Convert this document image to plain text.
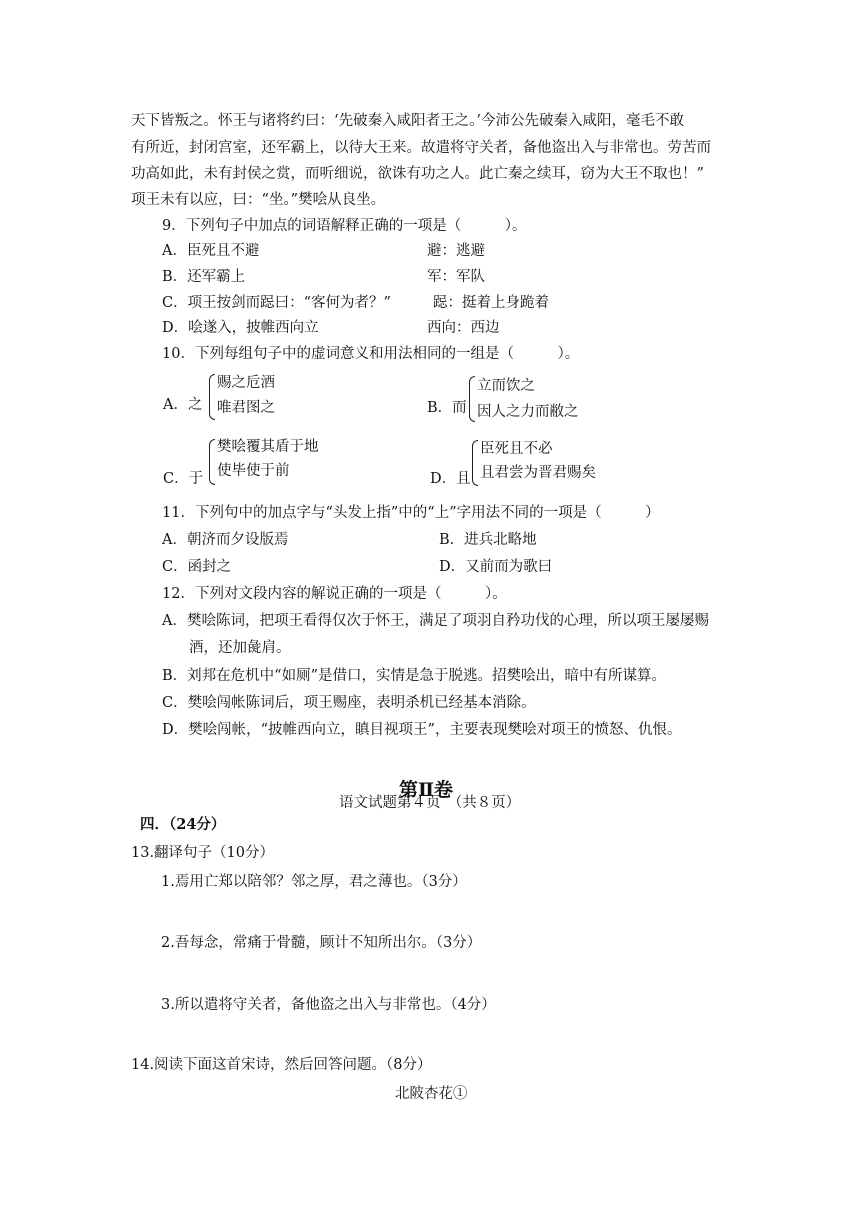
天下皆叛之。怀王与诸将约曰：‘先破秦入咸阳者王之。’今沛公先破秦入咸阳，毫毛不敢
有所近，封闭宫室，还军霸上，以待大王来。故遣将守关者，备他盗出入与非常也。劳苦而
功高如此，未有封侯之赏，而听细说，欲诛有功之人。此亡秦之续耳，窃为大王不取也！”
项王未有以应，曰：“坐。”樊哙从良坐。
9．下列句子中加点的词语解释正确的一项是（　　　）。
A．臣死且不避	避：逃避
B．还军霸上	军：军队
C．项王按剑而跽曰：“客何为者？”	跽：挺着上身跪着
D．哙遂入，披帷西向立	西向：西边
10．下列每组句子中的虚词意义和用法相同的一组是（　　　）。
A．之
赐之卮酒
唯君图之	B．而
立而饮之
因人之力而敝之
C．于
樊哙覆其盾于地
使毕使于前	D．且
臣死且不必
且君尝为晋君赐矣
11．下列句中的加点字与“头发上指”中的“上”字用法不同的一项是（　　　）
A．朝济而夕设版焉	B．进兵北略地
C．函封之	D．又前而为歌曰
12．下列对文段内容的解说正确的一项是（　　　）。
A．樊哙陈词，把项王看得仅次于怀王，满足了项羽自矜功伐的心理，所以项王屡屡赐
酒，还加彘肩。
B．刘邦在危机中“如厕”是借口，实情是急于脱逃。招樊哙出，暗中有所谋算。
C．樊哙闯帐陈词后，项王赐座，表明杀机已经基本消除。
D．樊哙闯帐，“披帷西向立，瞋目视项王”，主要表现樊哙对项王的愤怒、仇恨。
第Ⅱ卷
语文试题第４页　（共８页）
四．（24分）
13.翻译句子（10分）
1.焉用亡郑以陪邻？邻之厚，君之薄也。（3分）
2.吾每念，常痛于骨髓，顾计不知所出尔。（3分）
3.所以遣将守关者，备他盗之出入与非常也。（4分）
14.阅读下面这首宋诗，然后回答问题。（8分）
北陂杏花①
